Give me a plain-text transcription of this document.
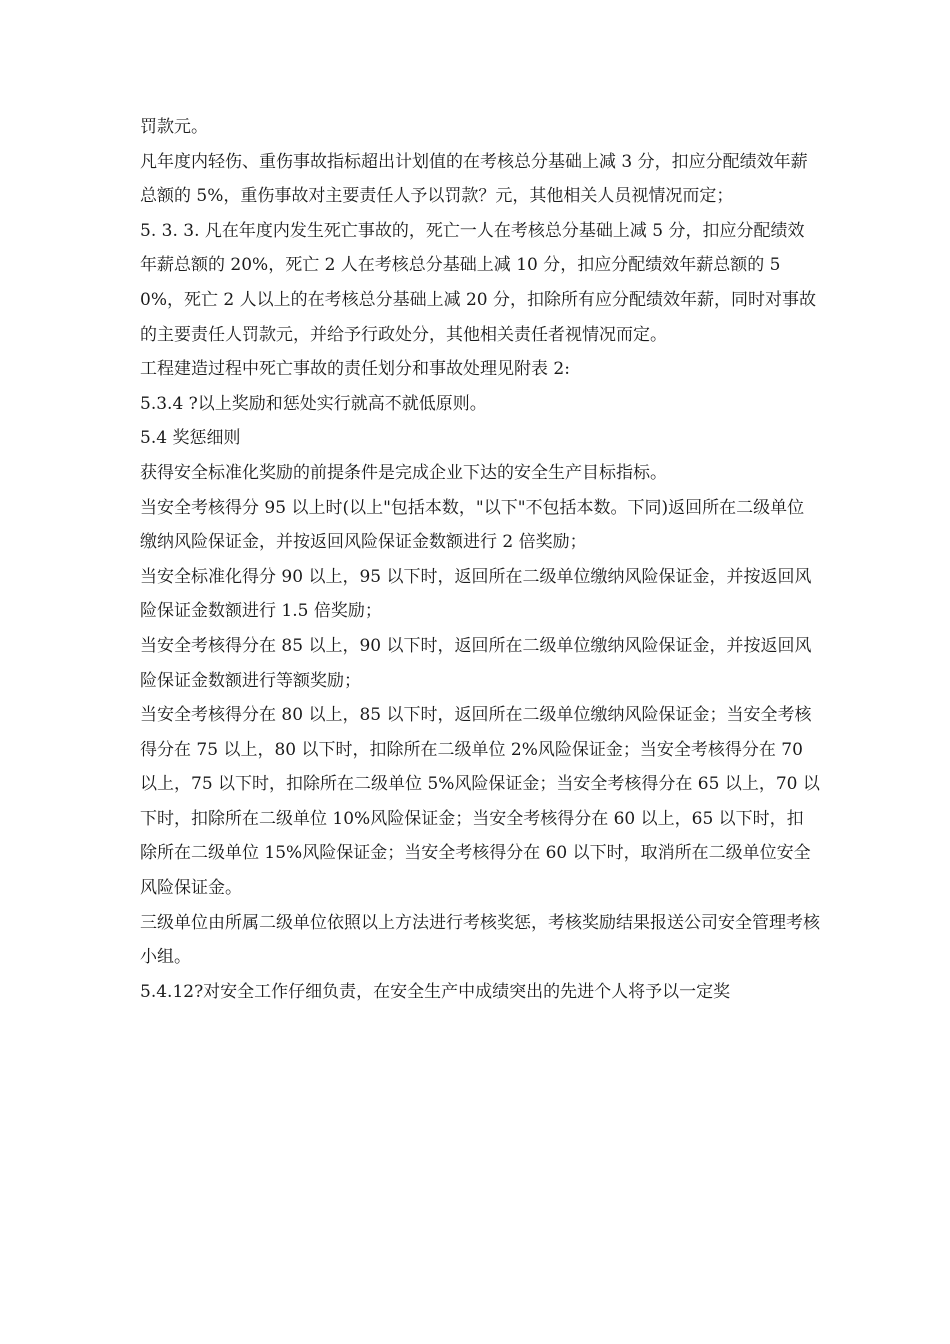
罚款元。

凡年度内轻伤、重伤事故指标超出计划值的在考核总分基础上减 3 分，扣应分配绩效年薪总额的 5%，重伤事故对主要责任人予以罚款？元，其他相关人员视情况而定；

5. 3. 3. 凡在年度内发生死亡事故的，死亡一人在考核总分基础上减 5 分，扣应分配绩效年薪总额的 20%，死亡 2 人在考核总分基础上减 10 分，扣应分配绩效年薪总额的 50%，死亡 2 人以上的在考核总分基础上减 20 分，扣除所有应分配绩效年薪，同时对事故的主要责任人罚款元，并给予行政处分，其他相关责任者视情况而定。

工程建造过程中死亡事故的责任划分和事故处理见附表 2:

5.3.4 ?以上奖励和惩处实行就高不就低原则。

5.4 奖惩细则

获得安全标准化奖励的前提条件是完成企业下达的安全生产目标指标。

当安全考核得分 95 以上时(以上"包括本数，"以下"不包括本数。下同)返回所在二级单位缴纳风险保证金，并按返回风险保证金数额进行 2 倍奖励；

当安全标准化得分 90 以上，95 以下时，返回所在二级单位缴纳风险保证金，并按返回风险保证金数额进行 1.5 倍奖励；

当安全考核得分在 85 以上，90 以下时，返回所在二级单位缴纳风险保证金，并按返回风险保证金数额进行等额奖励；

当安全考核得分在 80 以上，85 以下时，返回所在二级单位缴纳风险保证金；当安全考核得分在 75 以上，80 以下时，扣除所在二级单位 2%风险保证金；当安全考核得分在 70 以上，75 以下时，扣除所在二级单位 5%风险保证金；当安全考核得分在 65 以上，70 以下时，扣除所在二级单位 10%风险保证金；当安全考核得分在 60 以上，65 以下时，扣除所在二级单位 15%风险保证金；当安全考核得分在 60 以下时，取消所在二级单位安全风险保证金。

三级单位由所属二级单位依照以上方法进行考核奖惩，考核奖励结果报送公司安全管理考核小组。

5.4.12?对安全工作仔细负责，在安全生产中成绩突出的先进个人将予以一定奖
